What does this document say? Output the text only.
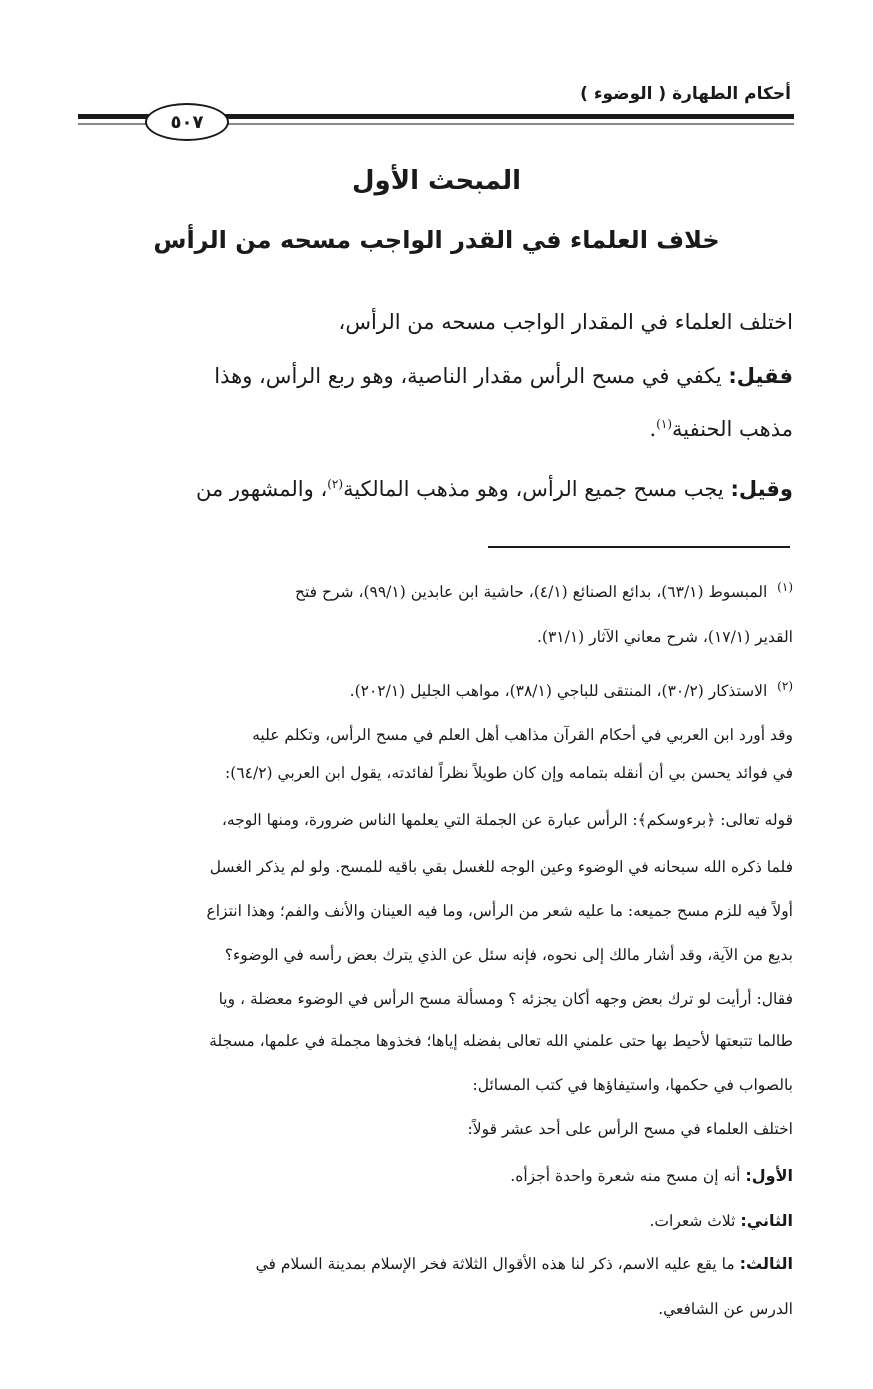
أحكام الطهارة ( الوضوء )
٥٠٧
المبحث الأول
خلاف العلماء في القدر الواجب مسحه من الرأس
اختلف العلماء في المقدار الواجب مسحه من الرأس،
فقيل: يكفي في مسح الرأس مقدار الناصية، وهو ربع الرأس، وهذا
مذهب الحنفية$^{(١)}$.
وقيل: يجب مسح جميع الرأس، وهو مذهب المالكية$^{(٢)}$، والمشهور من
$^{(١)}$  المبسوط (٦٣/١)، بدائع الصنائع (٤/١)، حاشية ابن عابدين (٩٩/١)، شرح فتح
القدير (١٧/١)، شرح معاني الآثار (٣١/١).
$^{(٢)}$  الاستذكار (٣٠/٢)، المنتقى للباجي (٣٨/١)، مواهب الجليل (٢٠٢/١).
وقد أورد ابن العربي في أحكام القرآن مذاهب أهل العلم في مسح الرأس، وتكلم عليه
في فوائد يحسن بي أن أنقله بتمامه وإن كان طويلاً نظراً لفائدته، يقول ابن العربي (٦٤/٢):
قوله تعالى: ﴿برءوسكم﴾: الرأس عبارة عن الجملة التي يعلمها الناس ضرورة، ومنها الوجه،
فلما ذكره الله سبحانه في الوضوء وعين الوجه للغسل بقي باقيه للمسح. ولو لم يذكر الغسل
أولاً فيه للزم مسح جميعه: ما عليه شعر من الرأس، وما فيه العينان والأنف والفم؛ وهذا انتزاع
بديع من الآية، وقد أشار مالك إلى نحوه، فإنه سئل عن الذي يترك بعض رأسه في الوضوء؟
فقال: أرأيت لو ترك بعض وجهه أكان يجزئه ؟ ومسألة مسح الرأس في الوضوء معضلة ، ويا
طالما تتبعتها لأحيط بها حتى علمني الله تعالى بفضله إياها؛ فخذوها مجملة في علمها، مسجلة
بالصواب في حكمها، واستيفاؤها في كتب المسائل:
اختلف العلماء في مسح الرأس على أحد عشر قولاً:
الأول: أنه إن مسح منه شعرة واحدة أجزأه.
الثاني: ثلاث شعرات.
الثالث: ما يقع عليه الاسم، ذكر لنا هذه الأقوال الثلاثة فخر الإسلام بمدينة السلام في
الدرس عن الشافعي.
